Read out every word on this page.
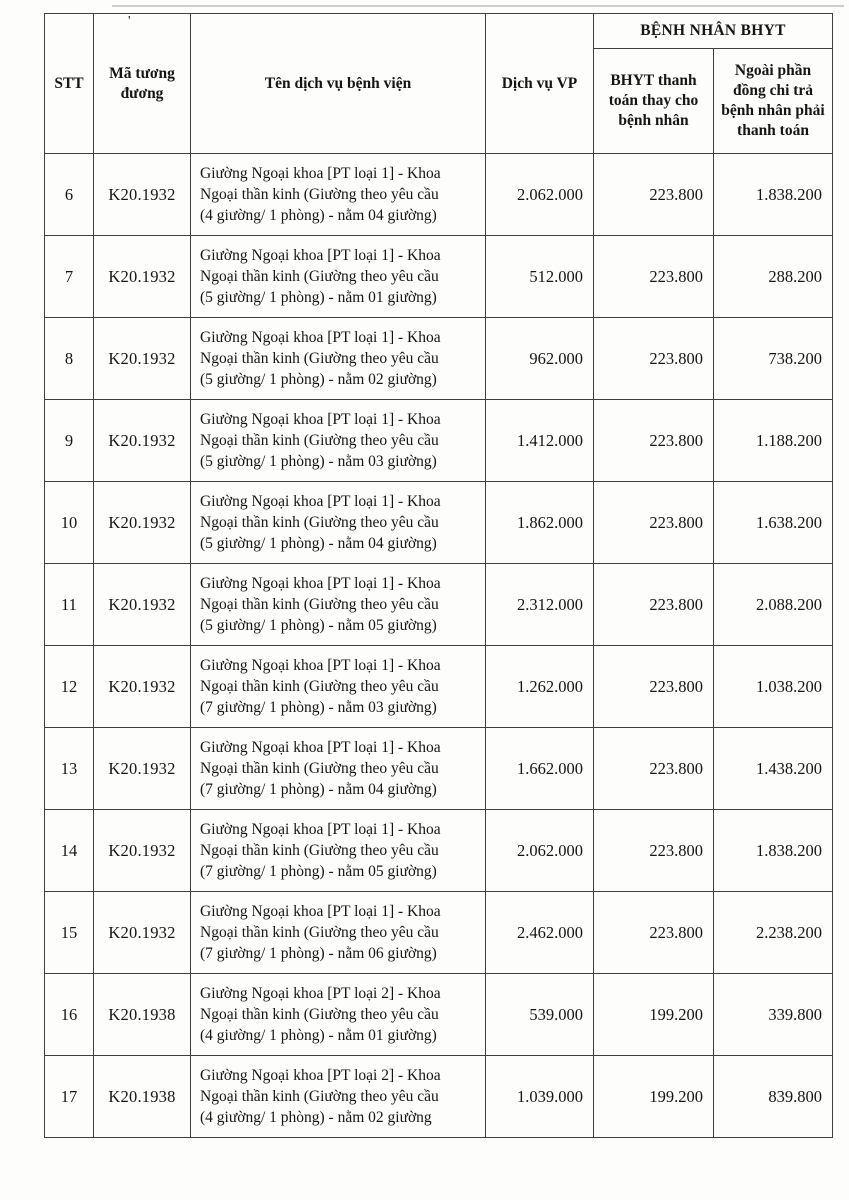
'
STT	Mã tương đương	Tên dịch vụ bệnh viện	Dịch vụ VP	BỆNH NHÂN BHYT	
				BHYT thanh toán thay cho bệnh nhân	Ngoài phần đồng chi trả bệnh nhân phải thanh toán
6	K20.1932	Giường Ngoại khoa [PT loại 1] - Khoa
Ngoại thần kinh (Giường theo yêu cầu
(4 giường/ 1 phòng) - nằm 04 giường)	2.062.000	223.800	1.838.200
7	K20.1932	Giường Ngoại khoa [PT loại 1] - Khoa
Ngoại thần kinh (Giường theo yêu cầu
(5 giường/ 1 phòng) - nằm 01 giường)	512.000	223.800	288.200
8	K20.1932	Giường Ngoại khoa [PT loại 1] - Khoa
Ngoại thần kinh (Giường theo yêu cầu
(5 giường/ 1 phòng) - nằm 02 giường)	962.000	223.800	738.200
9	K20.1932	Giường Ngoại khoa [PT loại 1] - Khoa
Ngoại thần kinh (Giường theo yêu cầu
(5 giường/ 1 phòng) - nằm 03 giường)	1.412.000	223.800	1.188.200
10	K20.1932	Giường Ngoại khoa [PT loại 1] - Khoa
Ngoại thần kinh (Giường theo yêu cầu
(5 giường/ 1 phòng) - nằm 04 giường)	1.862.000	223.800	1.638.200
11	K20.1932	Giường Ngoại khoa [PT loại 1] - Khoa
Ngoại thần kinh (Giường theo yêu cầu
(5 giường/ 1 phòng) - nằm 05 giường)	2.312.000	223.800	2.088.200
12	K20.1932	Giường Ngoại khoa [PT loại 1] - Khoa
Ngoại thần kinh (Giường theo yêu cầu
(7 giường/ 1 phòng) - nằm 03 giường)	1.262.000	223.800	1.038.200
13	K20.1932	Giường Ngoại khoa [PT loại 1] - Khoa
Ngoại thần kinh (Giường theo yêu cầu
(7 giường/ 1 phòng) - nằm 04 giường)	1.662.000	223.800	1.438.200
14	K20.1932	Giường Ngoại khoa [PT loại 1] - Khoa
Ngoại thần kinh (Giường theo yêu cầu
(7 giường/ 1 phòng) - nằm 05 giường)	2.062.000	223.800	1.838.200
15	K20.1932	Giường Ngoại khoa [PT loại 1] - Khoa
Ngoại thần kinh (Giường theo yêu cầu
(7 giường/ 1 phòng) - nằm 06 giường)	2.462.000	223.800	2.238.200
16	K20.1938	Giường Ngoại khoa [PT loại 2] - Khoa
Ngoại thần kinh (Giường theo yêu cầu
(4 giường/ 1 phòng) - nằm 01 giường)	539.000	199.200	339.800
17	K20.1938	Giường Ngoại khoa [PT loại 2] - Khoa
Ngoại thần kinh (Giường theo yêu cầu
(4 giường/ 1 phòng) - nằm 02 giường	1.039.000	199.200	839.800
